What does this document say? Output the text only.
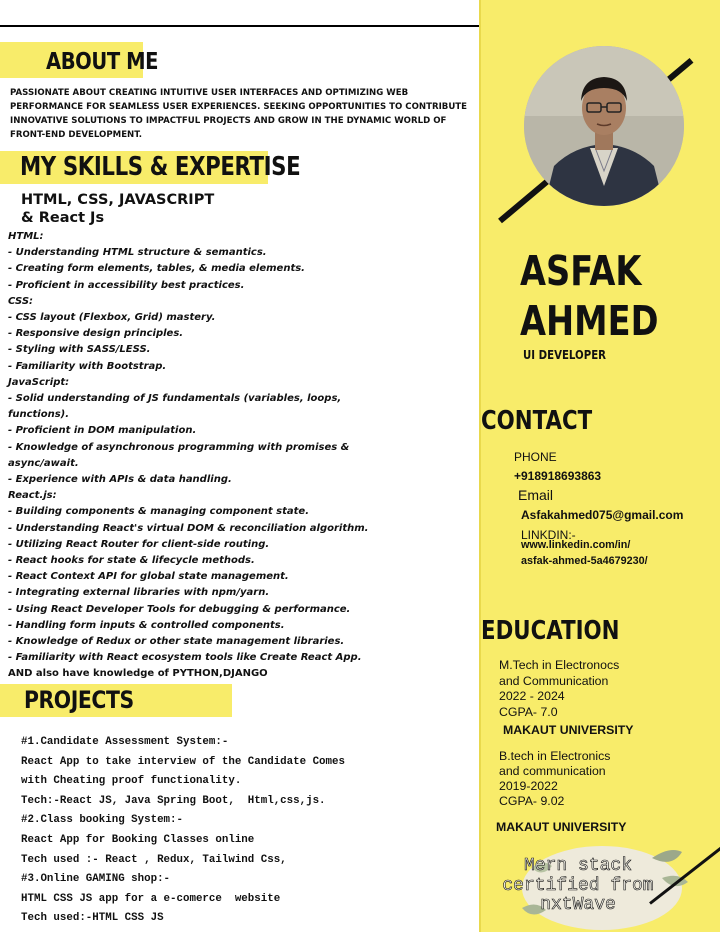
ABOUT ME
PASSIONATE ABOUT CREATING INTUITIVE USER INTERFACES AND OPTIMIZING WEB PERFORMANCE FOR SEAMLESS USER EXPERIENCES. SEEKING OPPORTUNITIES TO CONTRIBUTE INNOVATIVE SOLUTIONS TO IMPACTFUL PROJECTS AND GROW IN THE DYNAMIC WORLD OF FRONT-END DEVELOPMENT.
MY SKILLS & EXPERTISE
HTML, CSS, JAVASCRIPT
& React Js
HTML:
- Understanding HTML structure & semantics.
- Creating form elements, tables, & media elements.
- Proficient in accessibility best practices.
CSS:
- CSS layout (Flexbox, Grid) mastery.
- Responsive design principles.
- Styling with SASS/LESS.
- Familiarity with Bootstrap.
JavaScript:
- Solid understanding of JS fundamentals (variables, loops,
functions).
- Proficient in DOM manipulation.
- Knowledge of asynchronous programming with promises &
async/await.
- Experience with APIs & data handling.
React.js:
- Building components & managing component state.
- Understanding React's virtual DOM & reconciliation algorithm.
- Utilizing React Router for client-side routing.
- React hooks for state & lifecycle methods.
- React Context API for global state management.
- Integrating external libraries with npm/yarn.
- Using React Developer Tools for debugging & performance.
- Handling form inputs & controlled components.
- Knowledge of Redux or other state management libraries.
- Familiarity with React ecosystem tools like Create React App.
AND also have knowledge of PYTHON,DJANGO
PROJECTS
#1.Candidate Assessment System:-
React App to take interview of the Candidate Comes
with Cheating proof functionality.
Tech:-React JS, Java Spring Boot,  Html,css,js.
#2.Class booking System:-
React App for Booking Classes online
Tech used :- React , Redux, Tailwind Css,
#3.Online GAMING shop:-
HTML CSS JS app for a e-comerce  website
Tech used:-HTML CSS JS
ASFAK
AHMED
UI DEVELOPER
CONTACT
PHONE
+918918693863
Email
Asfakahmed075@gmail.com
LINKDIN:-
www.linkedin.com/in/
asfak-ahmed-5a4679230/
EDUCATION
M.Tech in Electronocs
and Communication
2022 - 2024
CGPA- 7.0
MAKAUT UNIVERSITY
B.tech in Electronics
and communication
2019-2022
CGPA- 9.02
MAKAUT UNIVERSITY
Mern stack
certified from
nxtWave
